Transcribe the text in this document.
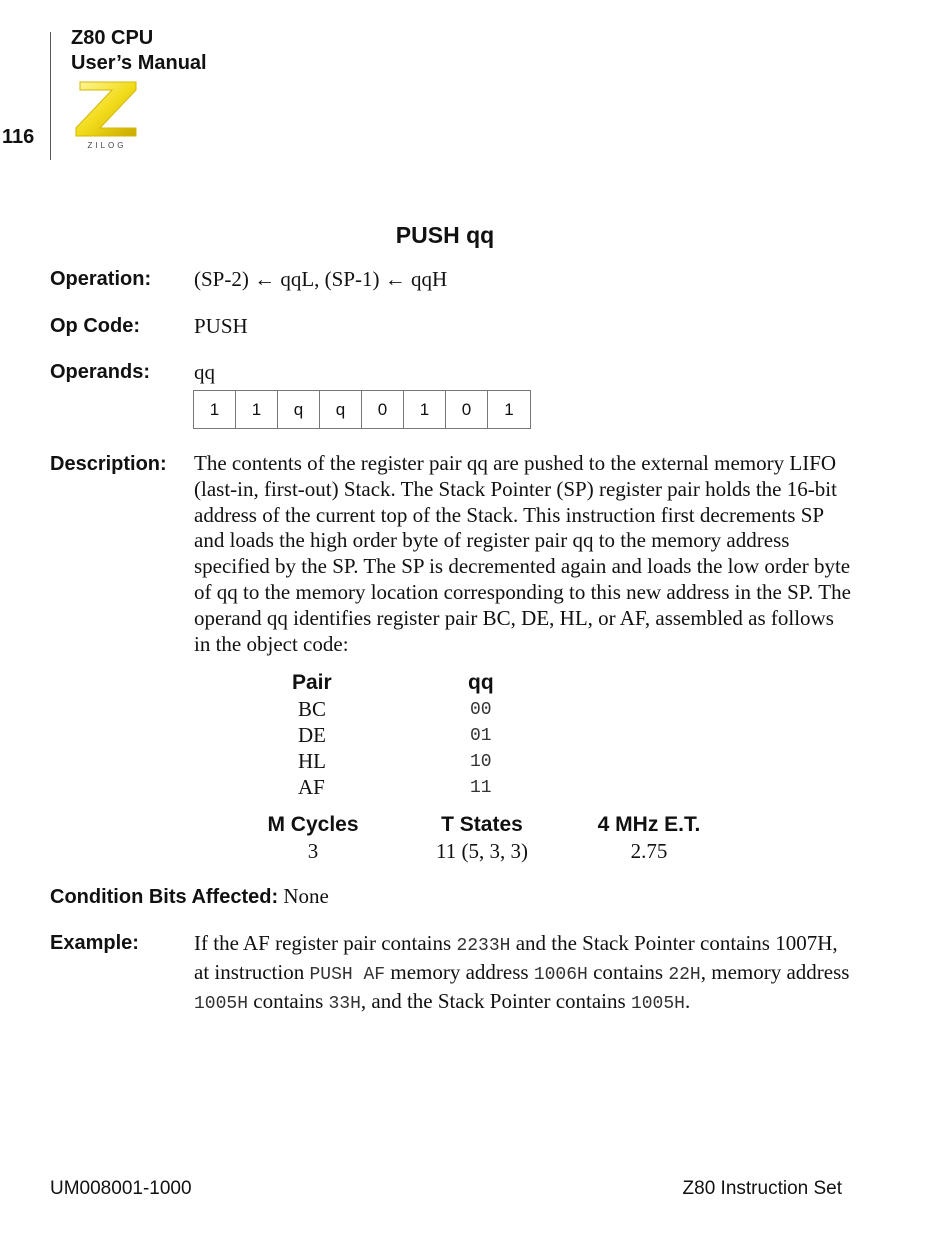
Z80 CPU
User’s Manual
116	ZILOG
PUSH qq
Operation: (SP-2) ← qqL, (SP-1) ← qqH
Op Code:	PUSH
Operands: qq
1	1	q	q	0	1	0	1
Description: The contents of the register pair qq are pushed to the external memory LIFO (last-in, first-out) Stack. The Stack Pointer (SP) register pair holds the 16-bit address of the current top of the Stack. This instruction first decrements SP and loads the high order byte of register pair qq to the memory address specified by the SP. The SP is decremented again and loads the low order byte of qq to the memory location corresponding to this new address in the SP. The operand qq identifies register pair BC, DE, HL, or AF, assembled as follows in the object code:
Pair	qq
BC	00
DE	01
HL	10
AF	11
M Cycles	T States	4 MHz E.T.
3	11 (5, 3, 3)	2.75
Condition Bits Affected: None
Example:	If the AF register pair contains 2233H and the Stack Pointer contains 1007H, at instruction PUSH AF memory address 1006H contains 22H, memory address 1005H contains 33H, and the Stack Pointer contains 1005H.
UM008001-1000	Z80 Instruction Set
